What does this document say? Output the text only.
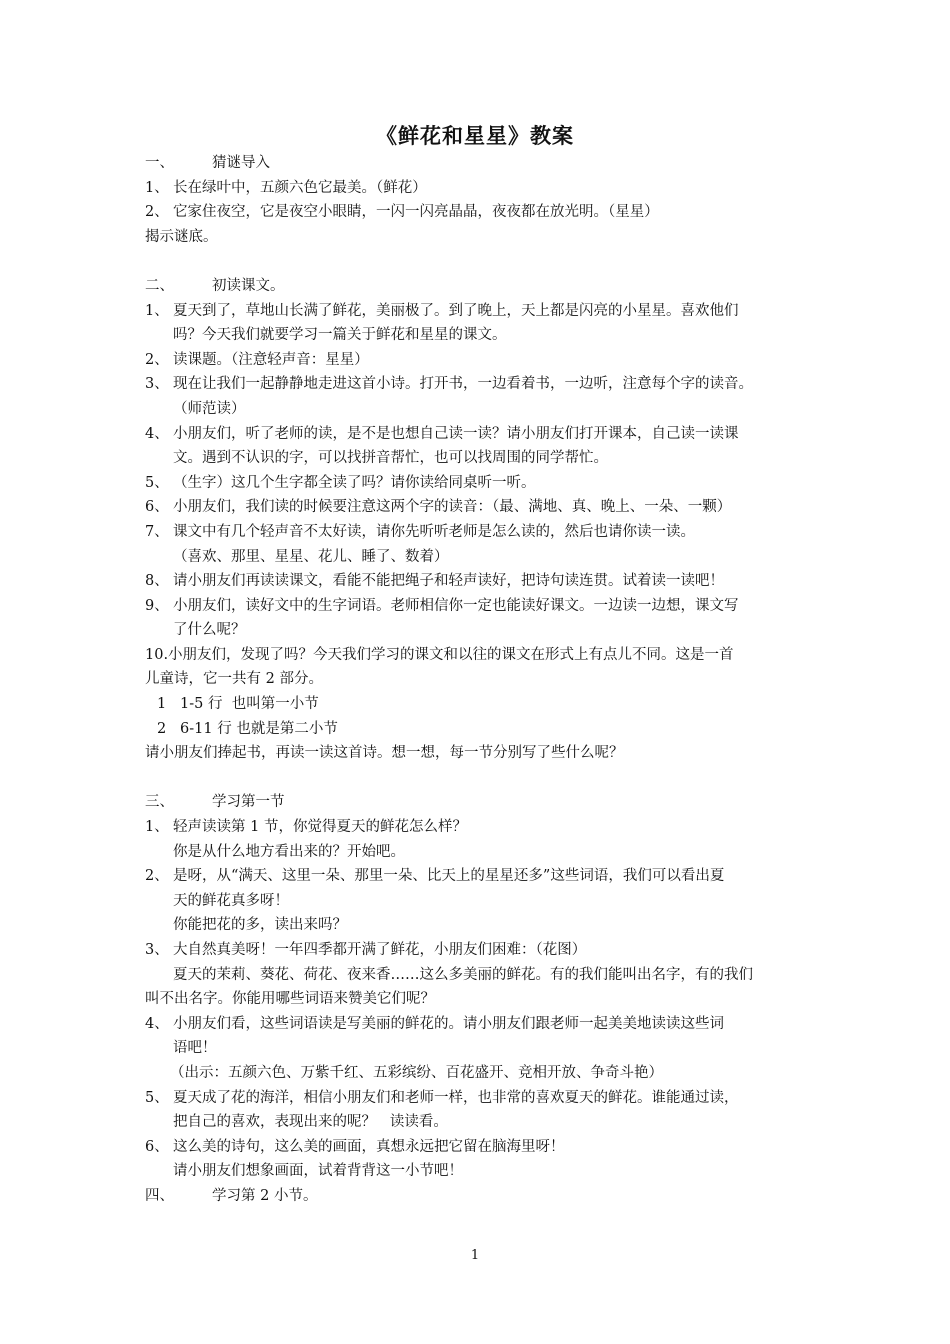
《鲜花和星星》教案
一、	猜谜导入
1、 长在绿叶中，五颜六色它最美。（鲜花）
2、 它家住夜空，它是夜空小眼睛，一闪一闪亮晶晶，夜夜都在放光明。（星星）
揭示谜底。
二、	初读课文。
1、 夏天到了，草地山长满了鲜花，美丽极了。到了晚上，天上都是闪亮的小星星。喜欢他们
吗？今天我们就要学习一篇关于鲜花和星星的课文。
2、 读课题。（注意轻声音：星星）
3、 现在让我们一起静静地走进这首小诗。打开书，一边看着书，一边听，注意每个字的读音。
（师范读）
4、 小朋友们，听了老师的读，是不是也想自己读一读？请小朋友们打开课本，自己读一读课
文。遇到不认识的字，可以找拼音帮忙，也可以找周围的同学帮忙。
5、 （生字）这几个生字都全读了吗？请你读给同桌听一听。
6、 小朋友们，我们读的时候要注意这两个字的读音：（最、满地、真、晚上、一朵、一颗）
7、 课文中有几个轻声音不太好读，请你先听听老师是怎么读的，然后也请你读一读。
（喜欢、那里、星星、花儿、睡了、数着）
8、 请小朋友们再读读课文，看能不能把绳子和轻声读好，把诗句读连贯。试着读一读吧！
9、 小朋友们，读好文中的生字词语。老师相信你一定也能读好课文。一边读一边想，课文写
了什么呢？
10.小朋友们，发现了吗？今天我们学习的课文和以往的课文在形式上有点儿不同。这是一首
儿童诗，它一共有 2 部分。
1   1-5 行  也叫第一小节
2   6-11 行 也就是第二小节
请小朋友们捧起书，再读一读这首诗。想一想，每一节分别写了些什么呢？
三、	学习第一节
1、 轻声读读第 1 节，你觉得夏天的鲜花怎么样？
你是从什么地方看出来的？开始吧。
2、 是呀，从“满天、这里一朵、那里一朵、比天上的星星还多”这些词语，我们可以看出夏
天的鲜花真多呀！
你能把花的多，读出来吗？
3、 大自然真美呀！一年四季都开满了鲜花，小朋友们困难：（花图）
夏天的茉莉、葵花、荷花、夜来香……这么多美丽的鲜花。有的我们能叫出名字，有的我们
叫不出名字。你能用哪些词语来赞美它们呢？
4、 小朋友们看，这些词语读是写美丽的鲜花的。请小朋友们跟老师一起美美地读读这些词
语吧！
（出示：五颜六色、万紫千红、五彩缤纷、百花盛开、竞相开放、争奇斗艳）
5、 夏天成了花的海洋，相信小朋友们和老师一样，也非常的喜欢夏天的鲜花。谁能通过读，
把自己的喜欢，表现出来的呢？   读读看。
6、 这么美的诗句，这么美的画面，真想永远把它留在脑海里呀！
请小朋友们想象画面，试着背背这一小节吧！
四、	学习第 2 小节。
1
